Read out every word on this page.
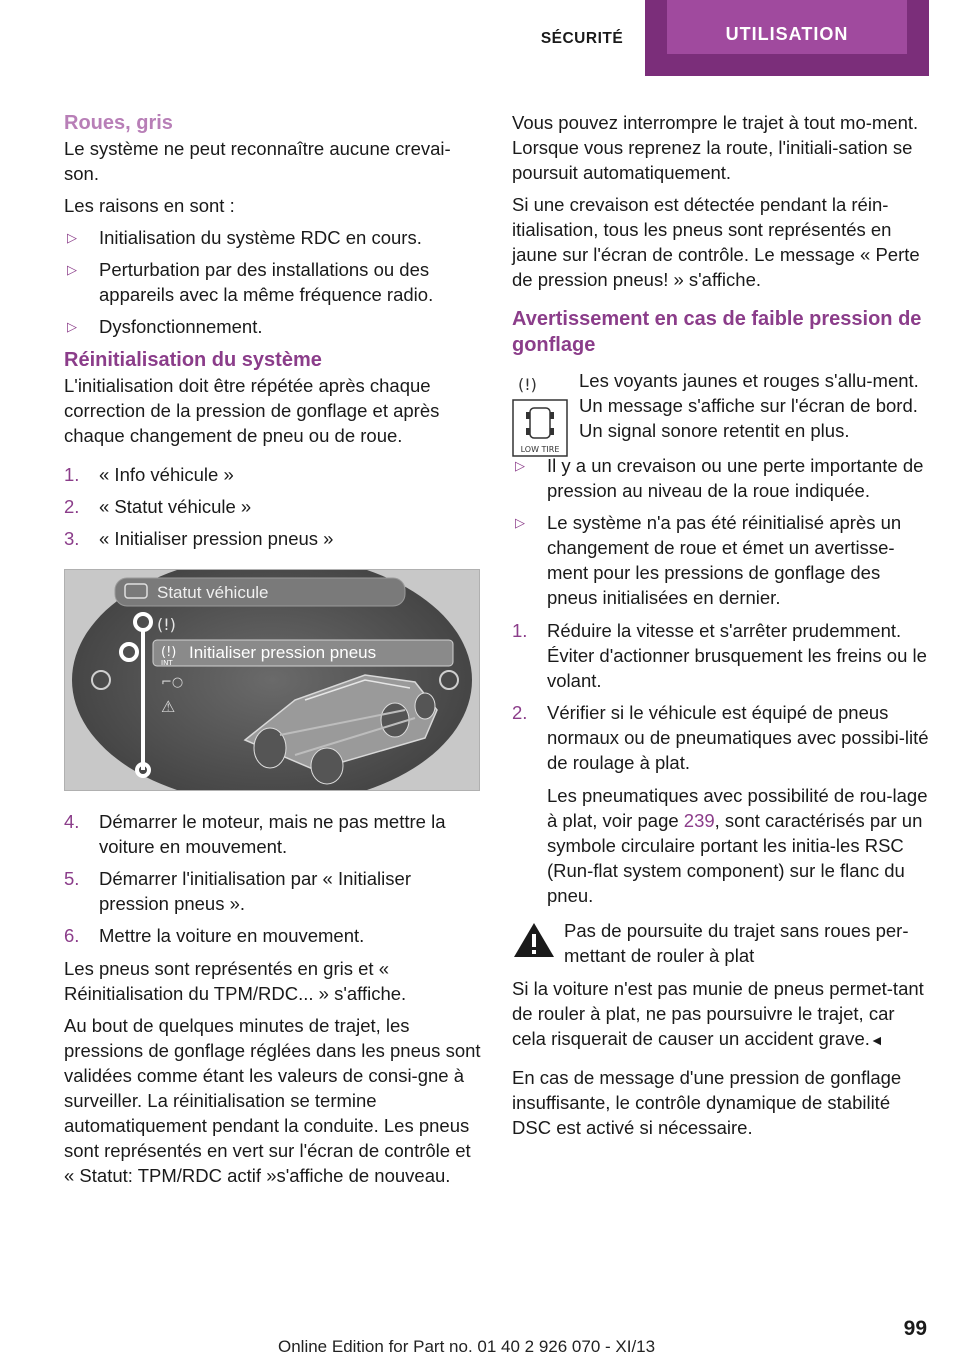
SÉCURITÉ	UTILISATION
Roues, gris

Le système ne peut reconnaître aucune crevai-son.

Les raisons en sont :

▷ Initialisation du système RDC en cours.
▷ Perturbation par des installations ou des appareils avec la même fréquence radio.
▷ Dysfonctionnement.
Réinitialisation du système

L'initialisation doit être répétée après chaque correction de la pression de gonflage et après chaque changement de pneu ou de roue.

1. « Info véhicule »
2. « Statut véhicule »
3. « Initialiser pression pneus »
Statut véhicule
(!)
(!)
INT
Initialiser pression pneus
⌐○
⚠
4. Démarrer le moteur, mais ne pas mettre la voiture en mouvement.
5. Démarrer l'initialisation par « Initialiser pression pneus ».
6. Mettre la voiture en mouvement.

Les pneus sont représentés en gris et « Réinitialisation du TPM/RDC... » s'affiche.

Au bout de quelques minutes de trajet, les pressions de gonflage réglées dans les pneus sont validées comme étant les valeurs de consi-gne à surveiller. La réinitialisation se termine automatiquement pendant la conduite. Les pneus sont représentés en vert sur l'écran de contrôle et « Statut: TPM/RDC actif »s'affiche de nouveau.

Vous pouvez interrompre le trajet à tout mo-ment. Lorsque vous reprenez la route, l'initiali-sation se poursuit automatiquement.

Si une crevaison est détectée pendant la réin-itialisation, tous les pneus sont représentés en jaune sur l'écran de contrôle. Le message « Perte de pression pneus! » s'affiche.

Avertissement en cas de faible pression de gonflage
(!)
LOW TIRE

Les voyants jaunes et rouges s'allu-ment. Un message s'affiche sur l'écran de bord. Un signal sonore retentit en plus.

▷ Il y a un crevaison ou une perte importante de pression au niveau de la roue indiquée.
▷ Le système n'a pas été réinitialisé après un changement de roue et émet un avertisse-ment pour les pressions de gonflage des pneus initialisées en dernier.
1. Réduire la vitesse et s'arrêter prudemment. Éviter d'actionner brusquement les freins ou le volant.
2. Vérifier si le véhicule est équipé de pneus normaux ou de pneumatiques avec possibi-lité de roulage à plat.

Les pneumatiques avec possibilité de rou-lage à plat, voir page 239, sont caractérisés par un symbole circulaire portant les initia-les RSC (Run-flat system component) sur le flanc du pneu.

Pas de poursuite du trajet sans roues per-mettant de rouler à plat

Si la voiture n'est pas munie de pneus permet-tant de rouler à plat, ne pas poursuivre le trajet, car cela risquerait de causer un accident grave.◄

En cas de message d'une pression de gonflage insuffisante, le contrôle dynamique de stabilité DSC est activé si nécessaire.

99
Online Edition for Part no. 01 40 2 926 070 - XI/13
